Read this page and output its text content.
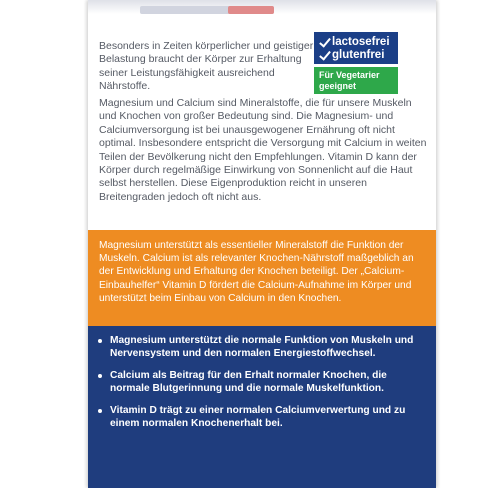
lactosefrei
glutenfrei
Für Vegetarier geeignet
Besonders in Zeiten körperlicher und geistiger Belastung braucht der Körper zur Erhaltung seiner Leistungsfähigkeit ausreichend Nährstoffe.
Magnesium und Calcium sind Mineralstoffe, die für unsere Muskeln und Knochen von großer Bedeutung sind. Die Magnesium- und Calciumversorgung ist bei unausgewogener Ernährung oft nicht optimal. Insbesondere entspricht die Versorgung mit Calcium in weiten Teilen der Bevölkerung nicht den Empfehlungen. Vitamin D kann der Körper durch regelmäßige Einwirkung von Sonnenlicht auf die Haut selbst herstellen. Diese Eigenproduktion reicht in unseren Breitengraden jedoch oft nicht aus.
Magnesium unterstützt als essentieller Mineralstoff die Funktion der Muskeln. Calcium ist als relevanter Knochen-Nährstoff maßgeblich an der Entwicklung und Erhaltung der Knochen beteiligt. Der „Calcium-Einbauhelfer“ Vitamin D fördert die Calcium-Aufnahme im Körper und unterstützt beim Einbau von Calcium in den Knochen.
Magnesium unterstützt die normale Funktion von Muskeln und Nervensystem und den normalen Energiestoffwechsel.
Calcium als Beitrag für den Erhalt normaler Knochen, die normale Blutgerinnung und die normale Muskelfunktion.
Vitamin D trägt zu einer normalen Calciumverwertung und zu einem normalen Knochenerhalt bei.
